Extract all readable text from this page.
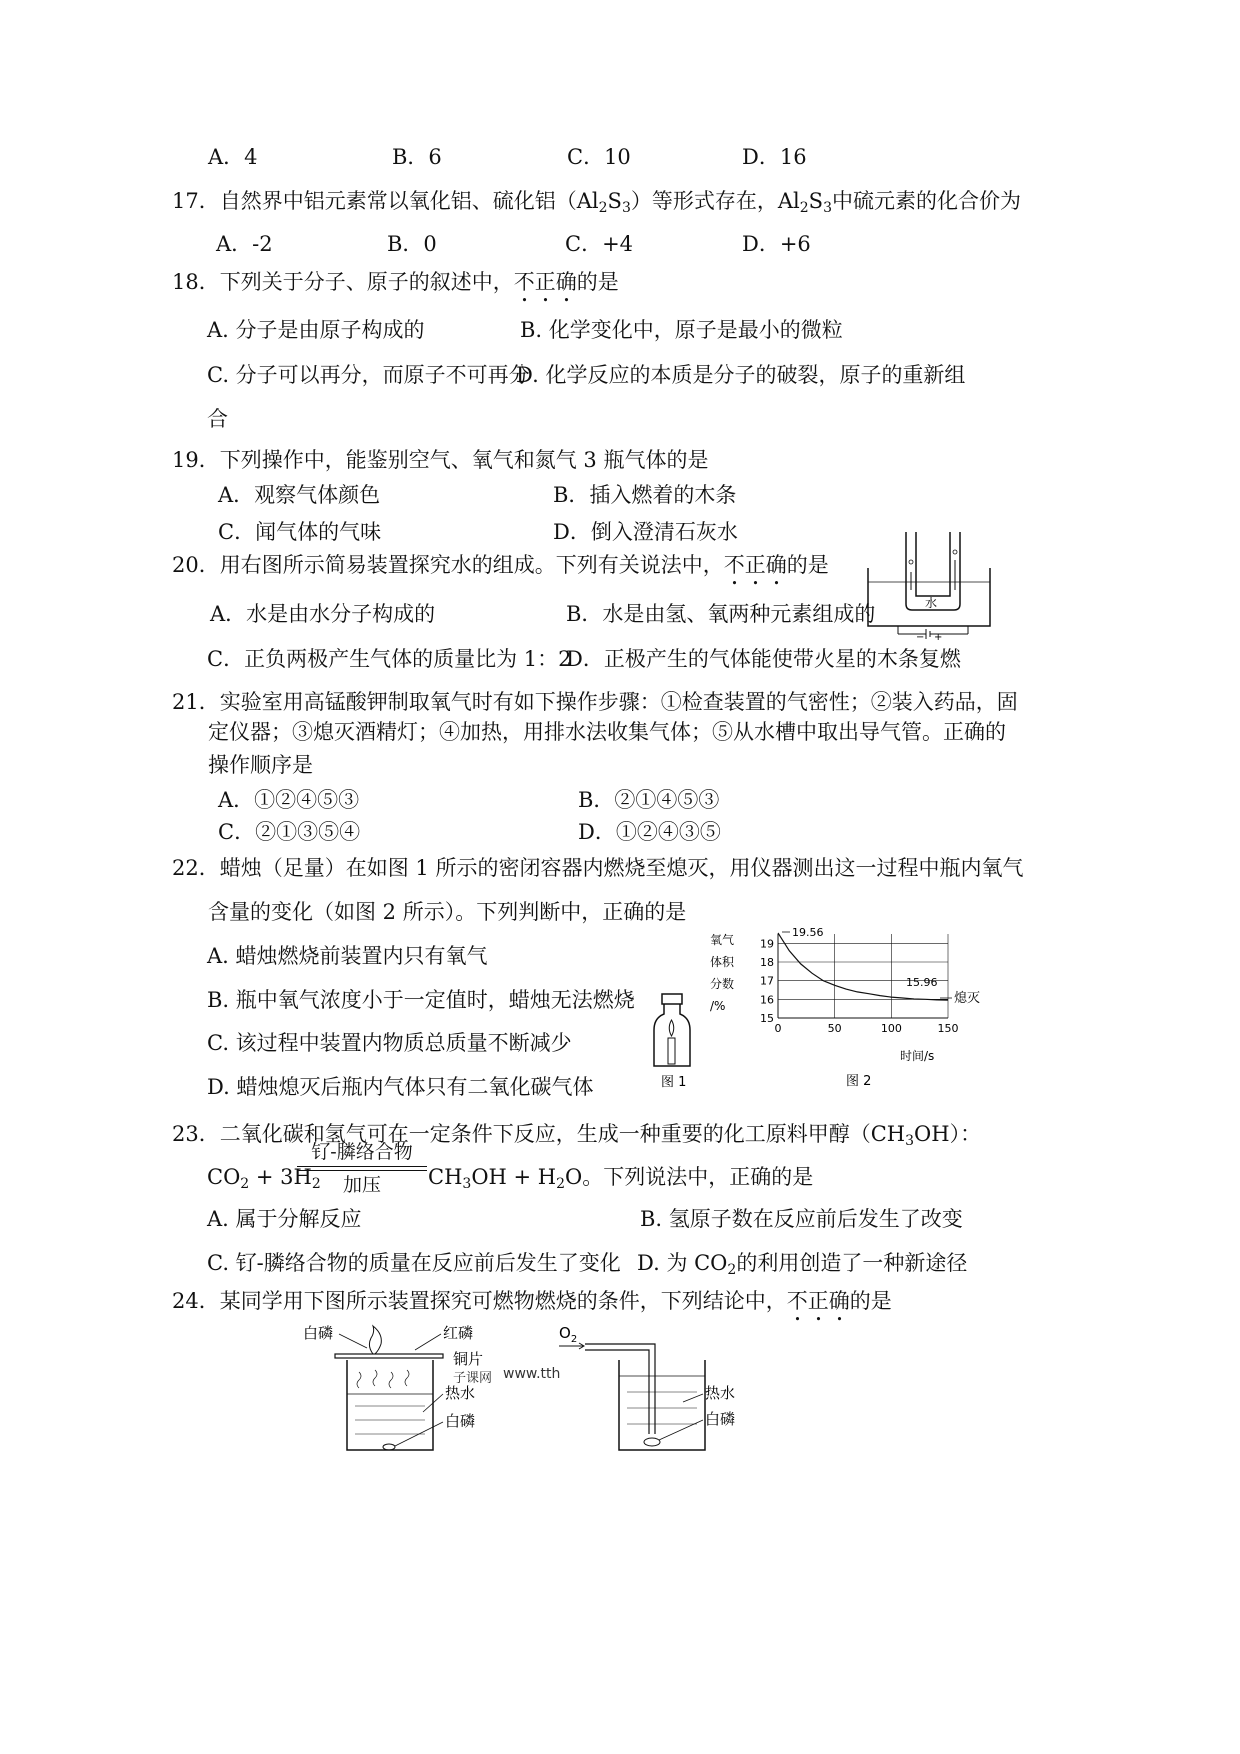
A．4	B．6	C．10	D．16
17．自然界中铝元素常以氧化铝、硫化铝$(Al_2S_3)$等形式存在，$Al_2S_3$中硫元素的化合价为
A．-2	B．0	C．+4	D．+6
18．下列关于分子、原子的叙述中，不正确的是
A. 分子是由原子构成的	B. 化学变化中，原子是最小的微粒
C. 分子可以再分，而原子不可再分
D. 化学反应的本质是分子的破裂，原子的重新组
合
19．下列操作中，能鉴别空气、氧气和氮气 3 瓶气体的是
A．观察气体颜色	B．插入燃着的木条
C．闻气体的气味	D．倒入澄清石灰水
20．用右图所示简易装置探究水的组成。下列有关说法中，不正确的是
A．水是由水分子构成的	B．水是由氢、氧两种元素组成的
C．正负两极产生气体的质量比为 1：2
D．正极产生的气体能使带火星的木条复燃
水
− +
21．实验室用高锰酸钾制取氧气时有如下操作步骤：①检查装置的气密性；②装入药品，固
定仪器；③熄灭酒精灯；④加热，用排水法收集气体；⑤从水槽中取出导气管。正确的
操作顺序是
A．①②④⑤③	B．②①④⑤③
C．②①③⑤④	D．①②④③⑤
22．蜡烛（足量）在如图 1 所示的密闭容器内燃烧至熄灭，用仪器测出这一过程中瓶内氧气
含量的变化（如图 2 所示）。下列判断中，正确的是
A. 蜡烛燃烧前装置内只有氧气
B. 瓶中氧气浓度小于一定值时，蜡烛无法燃烧
C. 该过程中装置内物质总质量不断减少
D. 蜡烛熄灭后瓶内气体只有二氧化碳气体	图 1
氧气
体积
分数
/%
15
16
17
18
19
0	50	100	150
19.56
15.96
熄灭
时间/s
图 2
23．二氧化碳和氢气可在一定条件下反应，生成一种重要的化工原料甲醇$(CH_3OH)$：
$CO_2 + 3H_2$
钌-膦络合物
加压	$CH_3OH + H_2O$。下列说法中，正确的是
A. 属于分解反应	B. 氢原子数在反应前后发生了改变
C. 钌-膦络合物的质量在反应前后发生了变化 D. 为 $CO_2$的利用创造了一种新途径
24．某同学用下图所示装置探究可燃物燃烧的条件，下列结论中，不正确的是
白磷	红磷
铜片
热水
白磷
子课网 www.tth
$O_2$
热水
白磷
